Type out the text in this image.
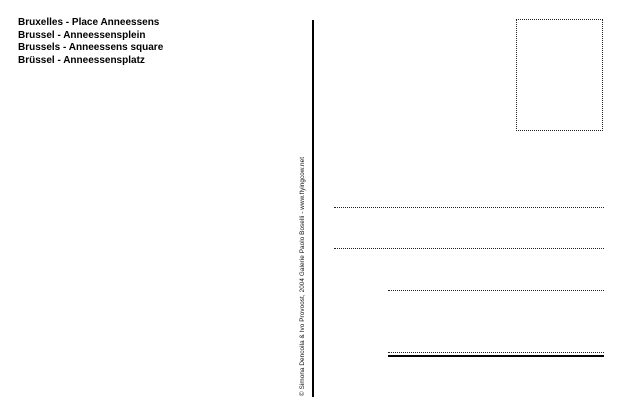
Bruxelles - Place Anneessens
Brussel - Anneessensplein
Brussels - Anneessens square
Brüssel - Anneessensplatz
© Simona Dencoila & Ivo Provoost, 2004 Galerie Paolo Boselli - www.flyingcow.net
